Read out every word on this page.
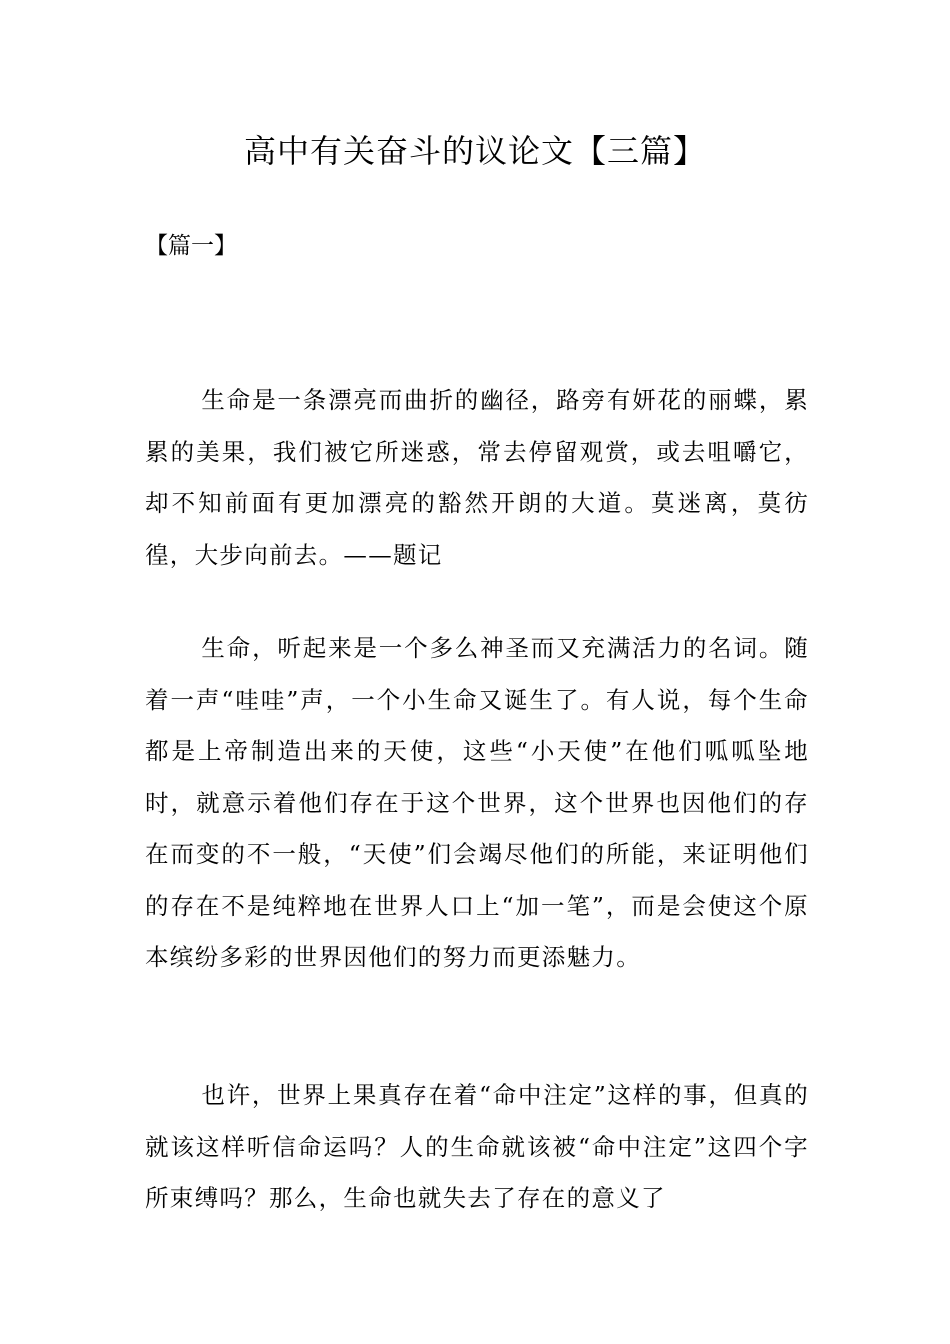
高中有关奋斗的议论文【三篇】
【篇一】

生命是一条漂亮而曲折的幽径，路旁有妍花的丽蝶，累累的美果，我们被它所迷惑，常去停留观赏，或去咀嚼它，却不知前面有更加漂亮的豁然开朗的大道。莫迷离，莫彷徨，大步向前去。——题记

生命，听起来是一个多么神圣而又充满活力的名词。随着一声“哇哇”声，一个小生命又诞生了。有人说，每个生命都是上帝制造出来的天使，这些“小天使”在他们呱呱坠地时，就意示着他们存在于这个世界，这个世界也因他们的存在而变的不一般，“天使”们会竭尽他们的所能，来证明他们的存在不是纯粹地在世界人口上“加一笔”，而是会使这个原本缤纷多彩的世界因他们的努力而更添魅力。

也许，世界上果真存在着“命中注定”这样的事，但真的就该这样听信命运吗？人的生命就该被“命中注定”这四个字所束缚吗？那么，生命也就失去了存在的意义了
